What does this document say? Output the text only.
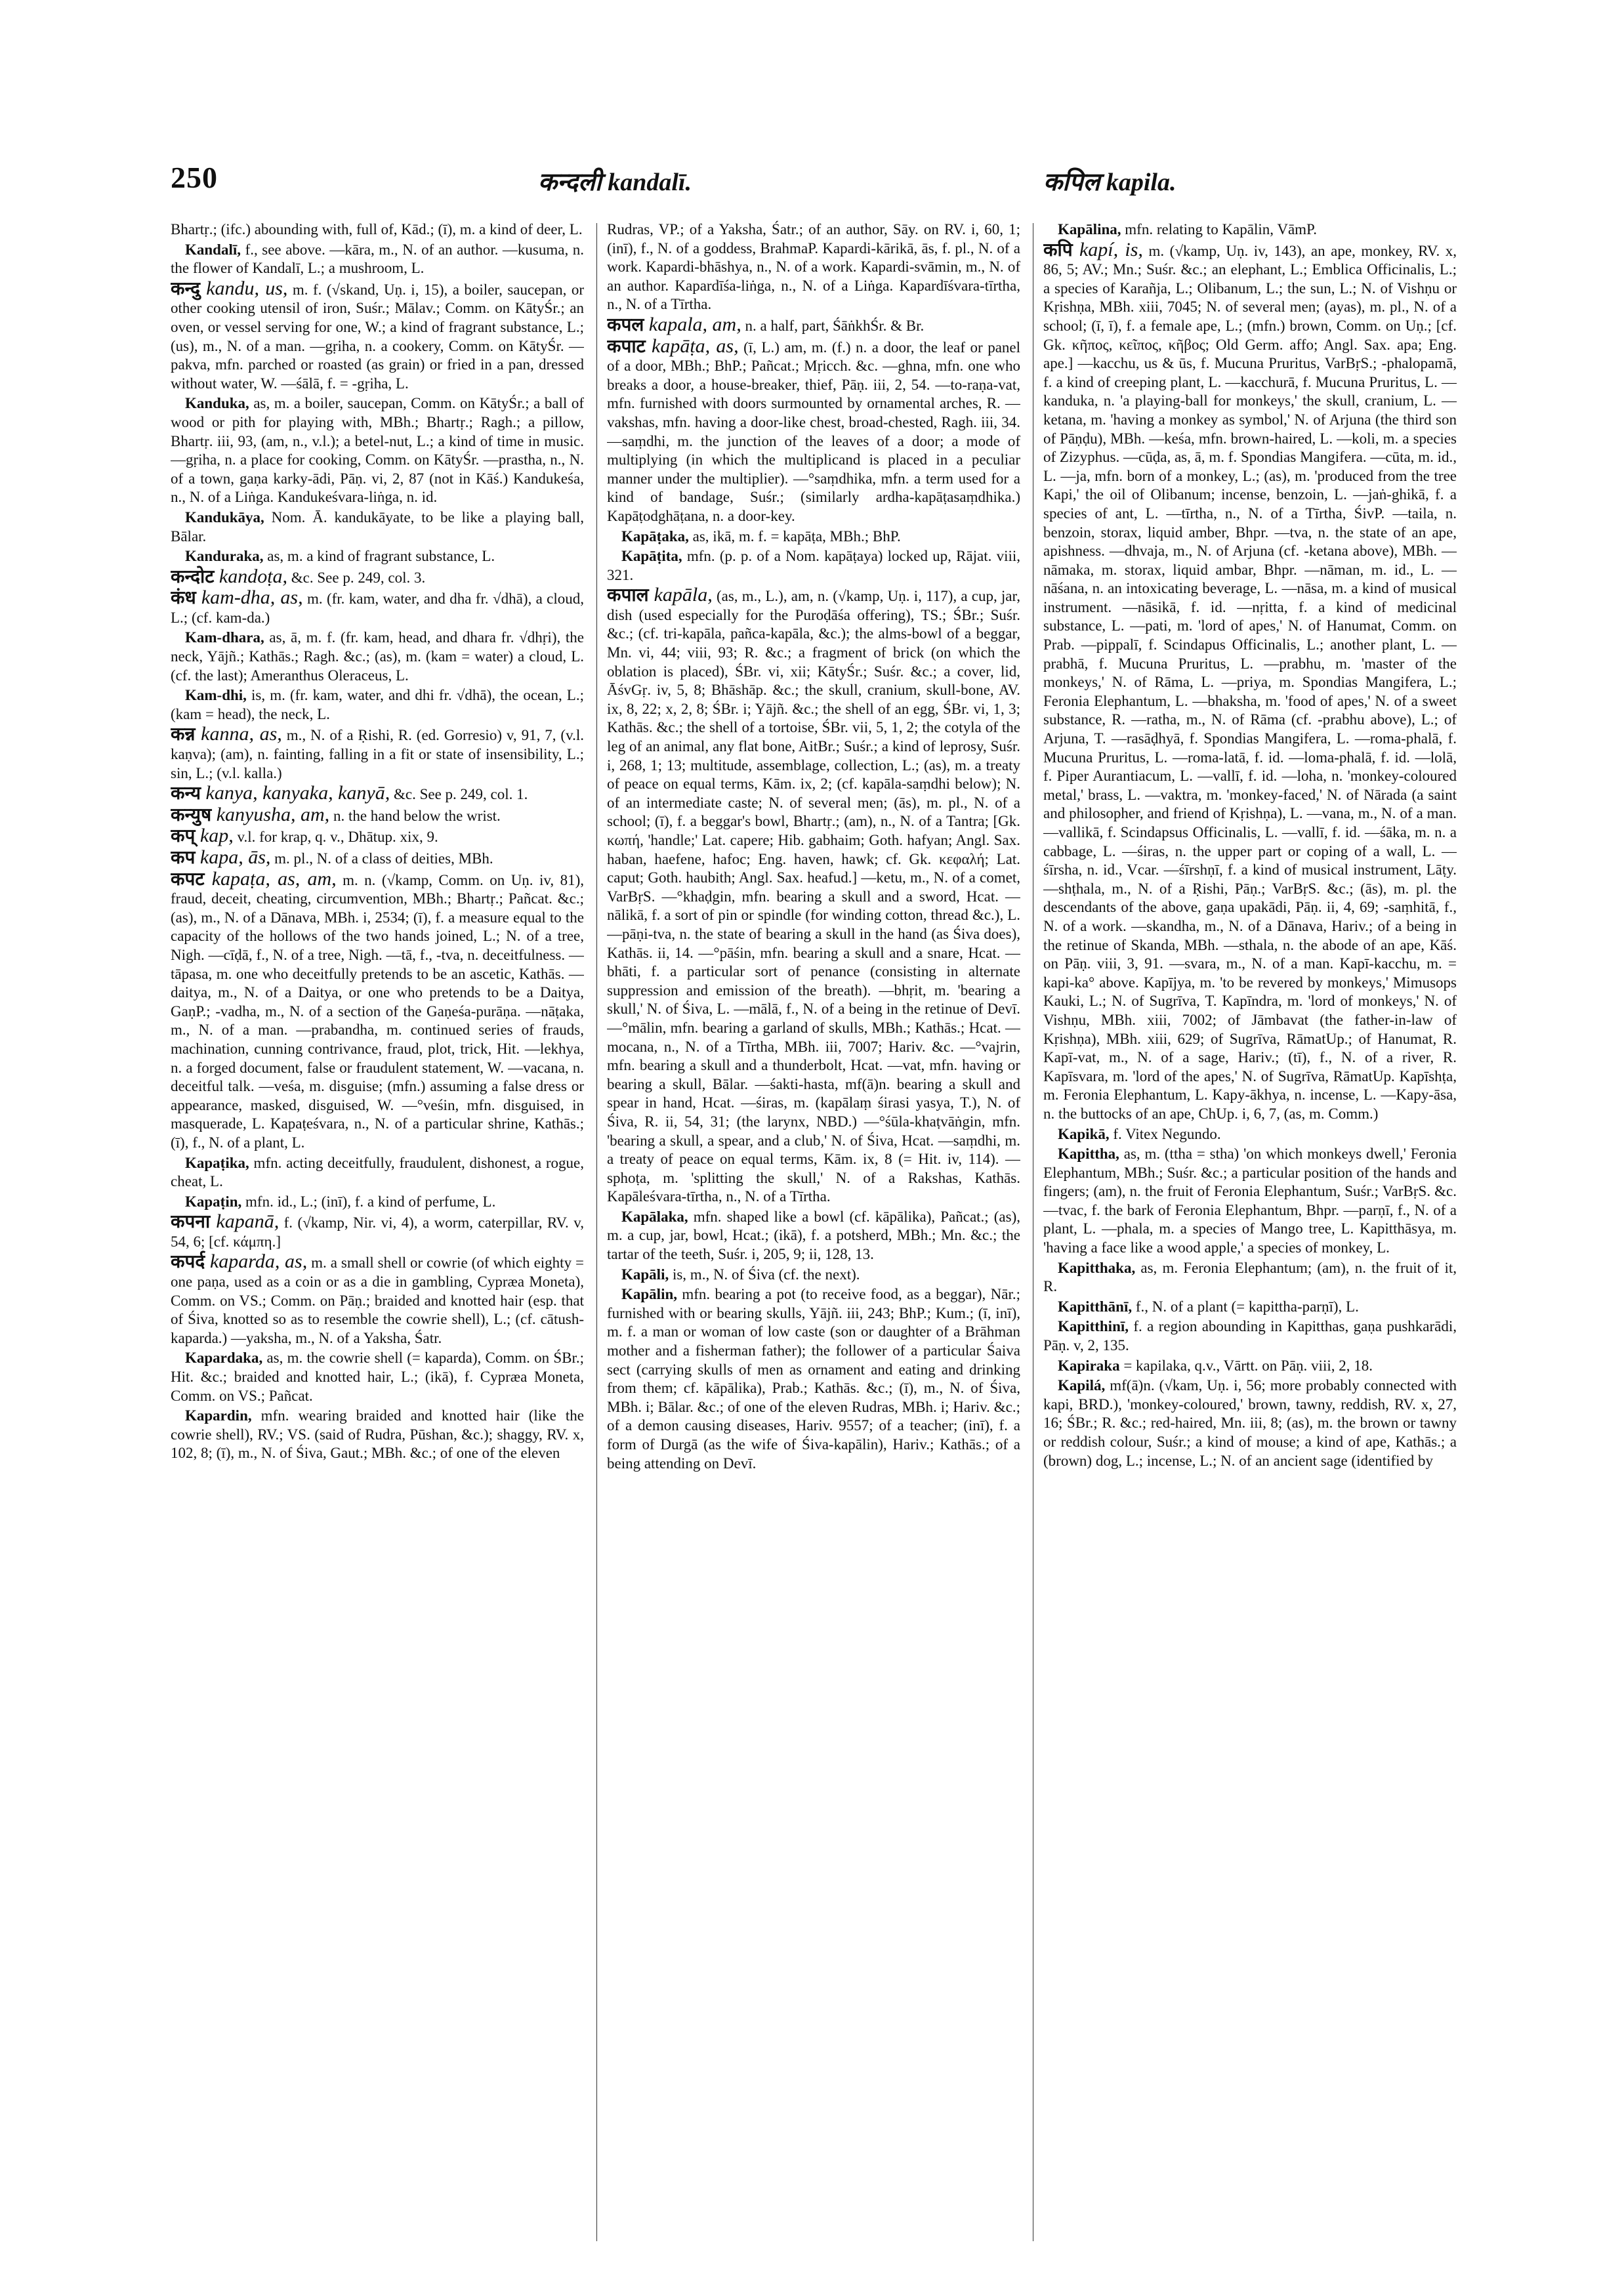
250	कन्दली kandalī.	कपिल kapila.

Bhartṛ.; (ifc.) abounding with, full of, Kād.; (ī), m. a kind of deer, L.

Kandalī, f., see above. —kāra, m., N. of an author. —kusuma, n. the flower of Kandalī, L.; a mushroom, L.

कन्दु kandu, us, m. f. (√skand, Uṇ. i, 15), a boiler, saucepan, or other cooking utensil of iron, Suśr.; Mālav.; Comm. on KātyŚr.; an oven, or vessel serving for one, W.; a kind of fragrant substance, L.; (us), m., N. of a man. —gṛiha, n. a cookery, Comm. on KātyŚr. —pakva, mfn. parched or roasted (as grain) or fried in a pan, dressed without water, W. —śālā, f. = -gṛiha, L.

Kanduka, as, m. a boiler, saucepan, Comm. on KātyŚr.; a ball of wood or pith for playing with, MBh.; Bhartṛ.; Ragh.; a pillow, Bhartṛ. iii, 93, (am, n., v.l.); a betel-nut, L.; a kind of time in music. —gṛiha, n. a place for cooking, Comm. on KātyŚr. —prastha, n., N. of a town, gaṇa karky-ādi, Pāṇ. vi, 2, 87 (not in Kāś.) Kandukeśa, n., N. of a Liṅga. Kandukeśvara-liṅga, n. id.

Kandukāya, Nom. Ā. kandukāyate, to be like a playing ball, Bālar.

Kanduraka, as, m. a kind of fragrant substance, L.

कन्दोट kandoṭa, &c. See p. 249, col. 3.

कंध kam-dha, as, m. (fr. kam, water, and dha fr. √dhā), a cloud, L.; (cf. kam-da.)

Kam-dhara, as, ā, m. f. (fr. kam, head, and dhara fr. √dhṛi), the neck, Yājñ.; Kathās.; Ragh. &c.; (as), m. (kam = water) a cloud, L. (cf. the last); Ameranthus Oleraceus, L.

Kam-dhi, is, m. (fr. kam, water, and dhi fr. √dhā), the ocean, L.; (kam = head), the neck, L.

कन्न kanna, as, m., N. of a Ṛishi, R. (ed. Gorresio) v, 91, 7, (v.l. kaṇva); (am), n. fainting, falling in a fit or state of insensibility, L.; sin, L.; (v.l. kalla.)

कन्य kanya, kanyaka, kanyā, &c. See p. 249, col. 1.

कन्युष kanyusha, am, n. the hand below the wrist.

कप् kap, v.l. for krap, q. v., Dhātup. xix, 9.

कप kapa, ās, m. pl., N. of a class of deities, MBh.

कपट kapaṭa, as, am, m. n. (√kamp, Comm. on Uṇ. iv, 81), fraud, deceit, cheating, circumvention, MBh.; Bhartṛ.; Pañcat. &c.; (as), m., N. of a Dānava, MBh. i, 2534; (ī), f. a measure equal to the capacity of the hollows of the two hands joined, L.; N. of a tree, Nigh. —cīḍā, f., N. of a tree, Nigh. —tā, f., -tva, n. deceitfulness. —tāpasa, m. one who deceitfully pretends to be an ascetic, Kathās. —daitya, m., N. of a Daitya, or one who pretends to be a Daitya, GaṇP.; -vadha, m., N. of a section of the Gaṇeśa-purāṇa. —nāṭaka, m., N. of a man. —prabandha, m. continued series of frauds, machination, cunning contrivance, fraud, plot, trick, Hit. —lekhya, n. a forged document, false or fraudulent statement, W. —vacana, n. deceitful talk. —veśa, m. disguise; (mfn.) assuming a false dress or appearance, masked, disguised, W. —°veśin, mfn. disguised, in masquerade, L. Kapaṭeśvara, n., N. of a particular shrine, Kathās.; (ī), f., N. of a plant, L.

Kapaṭika, mfn. acting deceitfully, fraudulent, dishonest, a rogue, cheat, L.

Kapaṭin, mfn. id., L.; (inī), f. a kind of perfume, L.

कपना kapanā, f. (√kamp, Nir. vi, 4), a worm, caterpillar, RV. v, 54, 6; [cf. κάμπη.]

कपर्द kaparda, as, m. a small shell or cowrie (of which eighty = one paṇa, used as a coin or as a die in gambling, Cypræa Moneta), Comm. on VS.; Comm. on Pāṇ.; braided and knotted hair (esp. that of Śiva, knotted so as to resemble the cowrie shell), L.; (cf. cātush-kaparda.) —yaksha, m., N. of a Yaksha, Śatr.

Kapardaka, as, m. the cowrie shell (= kaparda), Comm. on ŚBr.; Hit. &c.; braided and knotted hair, L.; (ikā), f. Cypræa Moneta, Comm. on VS.; Pañcat.

Kapardin, mfn. wearing braided and knotted hair (like the cowrie shell), RV.; VS. (said of Rudra, Pūshan, &c.); shaggy, RV. x, 102, 8; (ī), m., N. of Śiva, Gaut.; MBh. &c.; of one of the eleven

Rudras, VP.; of a Yaksha, Śatr.; of an author, Sāy. on RV. i, 60, 1; (inī), f., N. of a goddess, BrahmaP. Kapardi-kārikā, ās, f. pl., N. of a work. Kapardi-bhāshya, n., N. of a work. Kapardi-svāmin, m., N. of an author. Kapardīśa-liṅga, n., N. of a Liṅga. Kapardīśvara-tīrtha, n., N. of a Tīrtha.

कपल kapala, am, n. a half, part, ŚāṅkhŚr. & Br.

कपाट kapāṭa, as, (ī, L.) am, m. (f.) n. a door, the leaf or panel of a door, MBh.; BhP.; Pañcat.; Mṛicch. &c. —ghna, mfn. one who breaks a door, a house-breaker, thief, Pāṇ. iii, 2, 54. —to-raṇa-vat, mfn. furnished with doors surmounted by ornamental arches, R. —vakshas, mfn. having a door-like chest, broad-chested, Ragh. iii, 34. —saṃdhi, m. the junction of the leaves of a door; a mode of multiplying (in which the multiplicand is placed in a peculiar manner under the multiplier). —°saṃdhika, mfn. a term used for a kind of bandage, Suśr.; (similarly ardha-kapāṭasaṃdhika.) Kapāṭodghāṭana, n. a door-key.

Kapāṭaka, as, ikā, m. f. = kapāṭa, MBh.; BhP.

Kapāṭita, mfn. (p. p. of a Nom. kapāṭaya) locked up, Rājat. viii, 321.

कपाल kapāla, (as, m., L.), am, n. (√kamp, Uṇ. i, 117), a cup, jar, dish (used especially for the Puroḍāśa offering), TS.; ŚBr.; Suśr. &c.; (cf. tri-kapāla, pañca-kapāla, &c.); the alms-bowl of a beggar, Mn. vi, 44; viii, 93; R. &c.; a fragment of brick (on which the oblation is placed), ŚBr. vi, xii; KātyŚr.; Suśr. &c.; a cover, lid, ĀśvGṛ. iv, 5, 8; Bhāshāp. &c.; the skull, cranium, skull-bone, AV. ix, 8, 22; x, 2, 8; ŚBr. i; Yājñ. &c.; the shell of an egg, ŚBr. vi, 1, 3; Kathās. &c.; the shell of a tortoise, ŚBr. vii, 5, 1, 2; the cotyla of the leg of an animal, any flat bone, AitBr.; Suśr.; a kind of leprosy, Suśr. i, 268, 1; 13; multitude, assemblage, collection, L.; (as), m. a treaty of peace on equal terms, Kām. ix, 2; (cf. kapāla-saṃdhi below); N. of an intermediate caste; N. of several men; (ās), m. pl., N. of a school; (ī), f. a beggar's bowl, Bhartṛ.; (am), n., N. of a Tantra; [Gk. κωπή, 'handle;' Lat. capere; Hib. gabhaim; Goth. hafyan; Angl. Sax. haban, haefene, hafoc; Eng. haven, hawk; cf. Gk. κεφαλή; Lat. caput; Goth. haubith; Angl. Sax. heafud.] —ketu, m., N. of a comet, VarBṛS. —°khaḍgin, mfn. bearing a skull and a sword, Hcat. —nālikā, f. a sort of pin or spindle (for winding cotton, thread &c.), L. —pāṇi-tva, n. the state of bearing a skull in the hand (as Śiva does), Kathās. ii, 14. —°pāśin, mfn. bearing a skull and a snare, Hcat. —bhāti, f. a particular sort of penance (consisting in alternate suppression and emission of the breath). —bhṛit, m. 'bearing a skull,' N. of Śiva, L. —mālā, f., N. of a being in the retinue of Devī. —°mālin, mfn. bearing a garland of skulls, MBh.; Kathās.; Hcat. —mocana, n., N. of a Tīrtha, MBh. iii, 7007; Hariv. &c. —°vajrin, mfn. bearing a skull and a thunderbolt, Hcat. —vat, mfn. having or bearing a skull, Bālar. —śakti-hasta, mf(ā)n. bearing a skull and spear in hand, Hcat. —śiras, m. (kapālaṃ śirasi yasya, T.), N. of Śiva, R. ii, 54, 31; (the larynx, NBD.) —°śūla-khaṭvāṅgin, mfn. 'bearing a skull, a spear, and a club,' N. of Śiva, Hcat. —saṃdhi, m. a treaty of peace on equal terms, Kām. ix, 8 (= Hit. iv, 114). —sphoṭa, m. 'splitting the skull,' N. of a Rakshas, Kathās. Kapāleśvara-tīrtha, n., N. of a Tīrtha.

Kapālaka, mfn. shaped like a bowl (cf. kāpālika), Pañcat.; (as), m. a cup, jar, bowl, Hcat.; (ikā), f. a potsherd, MBh.; Mn. &c.; the tartar of the teeth, Suśr. i, 205, 9; ii, 128, 13.

Kapāli, is, m., N. of Śiva (cf. the next).

Kapālin, mfn. bearing a pot (to receive food, as a beggar), Nār.; furnished with or bearing skulls, Yājñ. iii, 243; BhP.; Kum.; (ī, inī), m. f. a man or woman of low caste (son or daughter of a Brāhman mother and a fisherman father); the follower of a particular Śaiva sect (carrying skulls of men as ornament and eating and drinking from them; cf. kāpālika), Prab.; Kathās. &c.; (ī), m., N. of Śiva, MBh. i; Bālar. &c.; of one of the eleven Rudras, MBh. i; Hariv. &c.; of a demon causing diseases, Hariv. 9557; of a teacher; (inī), f. a form of Durgā (as the wife of Śiva-kapālin), Hariv.; Kathās.; of a being attending on Devī.

Kapālina, mfn. relating to Kapālin, VāmP.

कपि kapí, is, m. (√kamp, Uṇ. iv, 143), an ape, monkey, RV. x, 86, 5; AV.; Mn.; Suśr. &c.; an elephant, L.; Emblica Officinalis, L.; a species of Karañja, L.; Olibanum, L.; the sun, L.; N. of Vishṇu or Kṛishṇa, MBh. xiii, 7045; N. of several men; (ayas), m. pl., N. of a school; (ī, ī), f. a female ape, L.; (mfn.) brown, Comm. on Uṇ.; [cf. Gk. κῆπος, κεῖπος, κῆβος; Old Germ. affo; Angl. Sax. apa; Eng. ape.] —kacchu, us & ūs, f. Mucuna Pruritus, VarBṛS.; -phalopamā, f. a kind of creeping plant, L. —kacchurā, f. Mucuna Pruritus, L. —kanduka, n. 'a playing-ball for monkeys,' the skull, cranium, L. —ketana, m. 'having a monkey as symbol,' N. of Arjuna (the third son of Pāṇḍu), MBh. —keśa, mfn. brown-haired, L. —koli, m. a species of Zizyphus. —cūḍa, as, ā, m. f. Spondias Mangifera. —cūta, m. id., L. —ja, mfn. born of a monkey, L.; (as), m. 'produced from the tree Kapi,' the oil of Olibanum; incense, benzoin, L. —jaṅ-ghikā, f. a species of ant, L. —tīrtha, n., N. of a Tīrtha, ŚivP. —taila, n. benzoin, storax, liquid amber, Bhpr. —tva, n. the state of an ape, apishness. —dhvaja, m., N. of Arjuna (cf. -ketana above), MBh. —nāmaka, m. storax, liquid ambar, Bhpr. —nāman, m. id., L. —nāśana, n. an intoxicating beverage, L. —nāsa, m. a kind of musical instrument. —nāsikā, f. id. —nṛitta, f. a kind of medicinal substance, L. —pati, m. 'lord of apes,' N. of Hanumat, Comm. on Prab. —pippalī, f. Scindapus Officinalis, L.; another plant, L. —prabhā, f. Mucuna Pruritus, L. —prabhu, m. 'master of the monkeys,' N. of Rāma, L. —priya, m. Spondias Mangifera, L.; Feronia Elephantum, L. —bhaksha, m. 'food of apes,' N. of a sweet substance, R. —ratha, m., N. of Rāma (cf. -prabhu above), L.; of Arjuna, T. —rasāḍhyā, f. Spondias Mangifera, L. —roma-phalā, f. Mucuna Pruritus, L. —roma-latā, f. id. —loma-phalā, f. id. —lolā, f. Piper Aurantiacum, L. —vallī, f. id. —loha, n. 'monkey-coloured metal,' brass, L. —vaktra, m. 'monkey-faced,' N. of Nārada (a saint and philosopher, and friend of Kṛishṇa), L. —vana, m., N. of a man. —vallikā, f. Scindapsus Officinalis, L. —vallī, f. id. —śāka, m. n. a cabbage, L. —śiras, n. the upper part or coping of a wall, L. —śīrsha, n. id., Vcar. —śīrshṇī, f. a kind of musical instrument, Lāṭy. —shṭhala, m., N. of a Ṛishi, Pāṇ.; VarBṛS. &c.; (ās), m. pl. the descendants of the above, gaṇa upakādi, Pāṇ. ii, 4, 69; -saṃhitā, f., N. of a work. —skandha, m., N. of a Dānava, Hariv.; of a being in the retinue of Skanda, MBh. —sthala, n. the abode of an ape, Kāś. on Pāṇ. viii, 3, 91. —svara, m., N. of a man. Kapī-kacchu, m. = kapi-ka° above. Kapījya, m. 'to be revered by monkeys,' Mimusops Kauki, L.; N. of Sugrīva, T. Kapīndra, m. 'lord of monkeys,' N. of Vishṇu, MBh. xiii, 7002; of Jāmbavat (the father-in-law of Kṛishṇa), MBh. xiii, 629; of Sugrīva, RāmatUp.; of Hanumat, R. Kapī-vat, m., N. of a sage, Hariv.; (tī), f., N. of a river, R. Kapīsvara, m. 'lord of the apes,' N. of Sugrīva, RāmatUp. Kapīshṭa, m. Feronia Elephantum, L. Kapy-ākhya, n. incense, L. —Kapy-āsa, n. the buttocks of an ape, ChUp. i, 6, 7, (as, m. Comm.)

Kapikā, f. Vitex Negundo.

Kapittha, as, m. (ttha = stha) 'on which monkeys dwell,' Feronia Elephantum, MBh.; Suśr. &c.; a particular position of the hands and fingers; (am), n. the fruit of Feronia Elephantum, Suśr.; VarBṛS. &c. —tvac, f. the bark of Feronia Elephantum, Bhpr. —parṇī, f., N. of a plant, L. —phala, m. a species of Mango tree, L. Kapitthāsya, m. 'having a face like a wood apple,' a species of monkey, L.

Kapitthaka, as, m. Feronia Elephantum; (am), n. the fruit of it, R.

Kapitthānī, f., N. of a plant (= kapittha-parṇī), L.

Kapitthinī, f. a region abounding in Kapitthas, gaṇa pushkarādi, Pāṇ. v, 2, 135.

Kapiraka = kapilaka, q.v., Vārtt. on Pāṇ. viii, 2, 18.

Kapilá, mf(ā)n. (√kam, Uṇ. i, 56; more probably connected with kapi, BRD.), 'monkey-coloured,' brown, tawny, reddish, RV. x, 27, 16; ŚBr.; R. &c.; red-haired, Mn. iii, 8; (as), m. the brown or tawny or reddish colour, Suśr.; a kind of mouse; a kind of ape, Kathās.; a (brown) dog, L.; incense, L.; N. of an ancient sage (identified by
